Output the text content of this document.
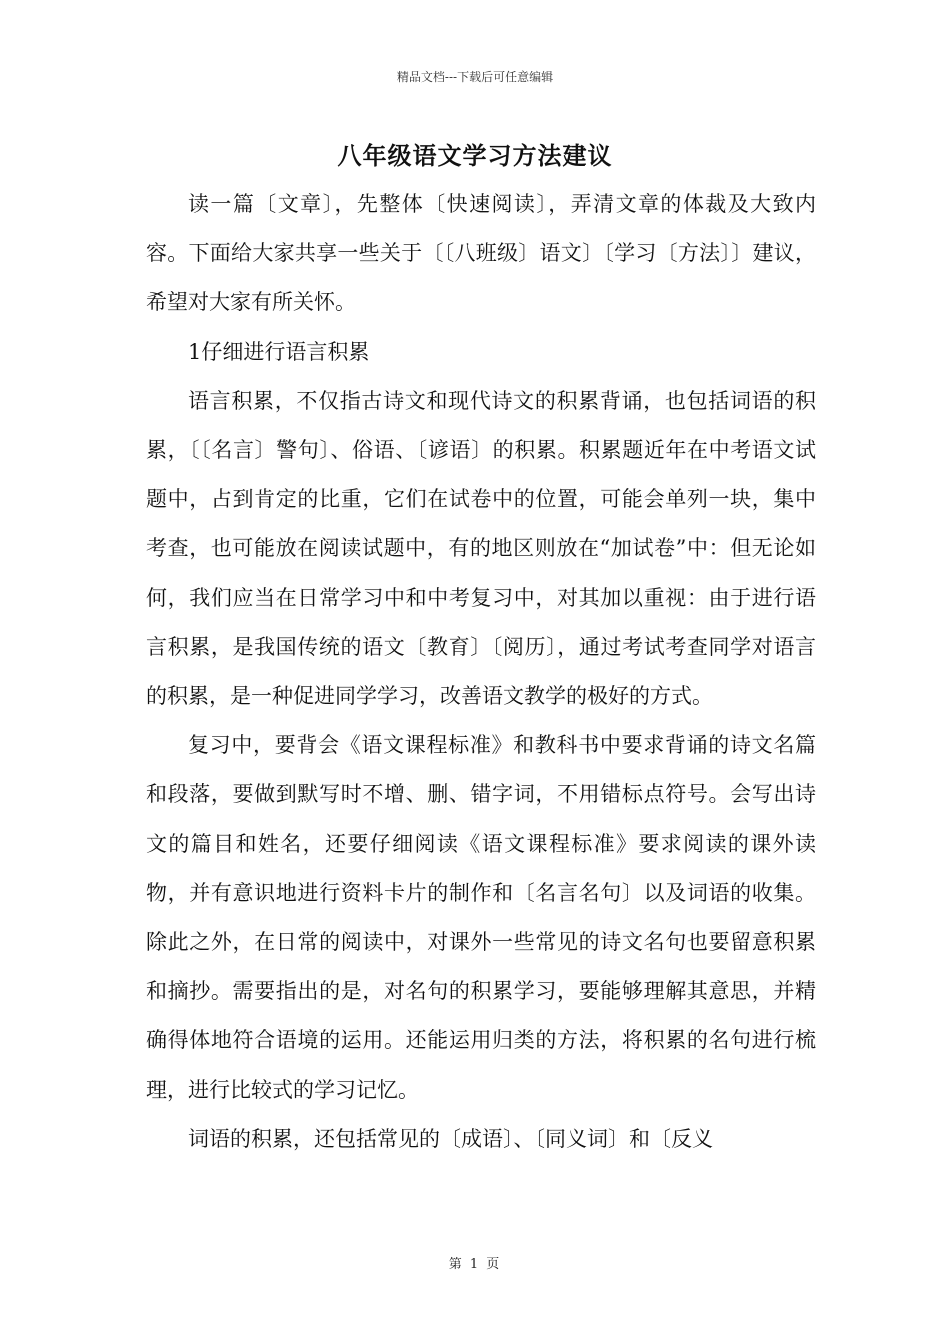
精品文档---下载后可任意编辑
八年级语文学习方法建议

读一篇〔文章〕，先整体〔快速阅读〕，弄清文章的体裁及大致内容。下面给大家共享一些关于〔〔八班级〕语文〕〔学习〔方法〕〕建议，希望对大家有所关怀。

1仔细进行语言积累

语言积累，不仅指古诗文和现代诗文的积累背诵，也包括词语的积累，〔〔名言〕警句〕、俗语、〔谚语〕的积累。积累题近年在中考语文试题中，占到肯定的比重，它们在试卷中的位置，可能会单列一块，集中考查，也可能放在阅读试题中，有的地区则放在“加试卷”中：但无论如何，我们应当在日常学习中和中考复习中，对其加以重视：由于进行语言积累，是我国传统的语文〔教育〕〔阅历〕，通过考试考查同学对语言的积累，是一种促进同学学习，改善语文教学的极好的方式。

复习中，要背会《语文课程标准》和教科书中要求背诵的诗文名篇和段落，要做到默写时不增、删、错字词，不用错标点符号。会写出诗文的篇目和姓名，还要仔细阅读《语文课程标准》要求阅读的课外读物，并有意识地进行资料卡片的制作和〔名言名句〕以及词语的收集。除此之外，在日常的阅读中，对课外一些常见的诗文名句也要留意积累和摘抄。需要指出的是，对名句的积累学习，要能够理解其意思，并精确得体地符合语境的运用。还能运用归类的方法，将积累的名句进行梳理，进行比较式的学习记忆。

词语的积累，还包括常见的〔成语〕、〔同义词〕和〔反义

第 1 页
